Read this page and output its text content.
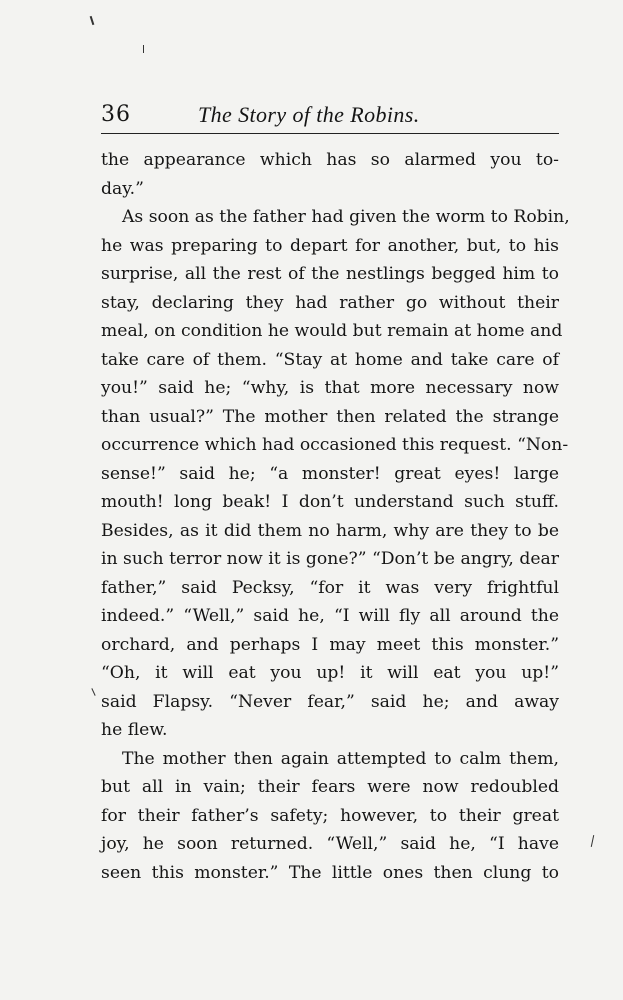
36	The Story of the Robins.
the appearance which has so alarmed you to-
day.”
As soon as the father had given the worm to Robin,
he was preparing to depart for another, but, to his
surprise, all the rest of the nestlings begged him to
stay, declaring they had rather go without their
meal, on condition he would but remain at home and
take care of them. “Stay at home and take care of
you!” said he; “why, is that more necessary now
than usual?” The mother then related the strange
occurrence which had occasioned this request. “Non-
sense!” said he; “a monster! great eyes! large
mouth! long beak! I don’t understand such stuff.
Besides, as it did them no harm, why are they to be
in such terror now it is gone?” “Don’t be angry, dear
father,” said Pecksy, “for it was very frightful
indeed.” “Well,” said he, “I will fly all around the
orchard, and perhaps I may meet this monster.”
“Oh, it will eat you up! it will eat you up!”
said Flapsy. “Never fear,” said he; and away
he flew.
The mother then again attempted to calm them,
but all in vain; their fears were now redoubled
for their father’s safety; however, to their great
joy, he soon returned. “Well,” said he, “I have
seen this monster.” The little ones then clung to
